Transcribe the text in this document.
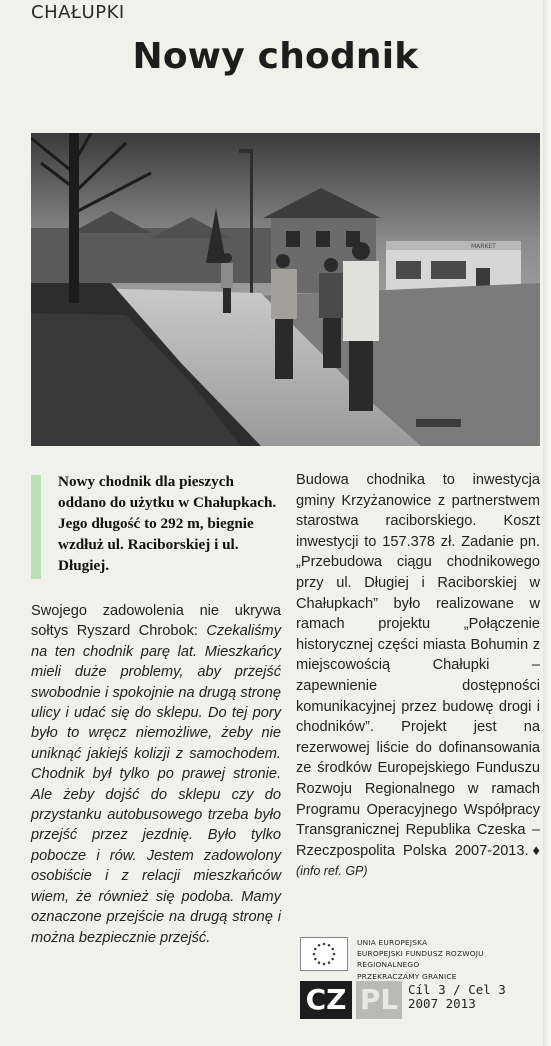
CHAŁUPKI
Nowy chodnik
MARKET
Nowy chodnik dla pieszych oddano do użytku w Chałupkach. Jego długość to 292 m, biegnie wzdłuż ul. Raciborskiej i ul. Długiej.
Swojego zadowolenia nie ukrywa sołtys Ryszard Chrobok: Czekaliśmy na ten chodnik parę lat. Mieszkańcy mieli duże problemy, aby przejść swobodnie i spokojnie na drugą stronę ulicy i udać się do sklepu. Do tej pory było to wręcz niemożliwe, żeby nie uniknąć jakiejś kolizji z samochodem. Chodnik był tylko po prawej stronie. Ale żeby dojść do sklepu czy do przystanku autobusowego trzeba było przejść przez jezdnię. Było tylko pobocze i rów. Jestem zadowolony osobiście i z relacji mieszkańców wiem, że również się podoba. Mamy oznaczone przejście na drugą stronę i można bezpiecznie przejść.
Budowa chodnika to inwestycja gminy Krzyżanowice z partnerstwem starostwa raciborskiego. Koszt inwestycji to 157.378 zł. Zadanie pn. „Przebudowa ciągu chodnikowego przy ul. Długiej i Raciborskiej w Chałupkach” było realizowane w ramach projektu „Połączenie historycznej części miasta Bohumin z miejscowością Chałupki – zapewnienie dostępności komunikacyjnej przez budowę drogi i chodników”. Projekt jest na rezerwowej liście do dofinansowania ze środków Europejskiego Funduszu Rozwoju Regionalnego w ramach Programu Operacyjnego Współpracy Transgranicznej Republika Czeska – Rzeczpospolita Polska 2007-2013.♦ (info ref. GP)
UNIA EUROPEJSKA
EUROPEJSKI FUNDUSZ ROZWOJU REGIONALNEGO
PRZEKRACZAMY GRANICE
CZ PL Cíl 3 / Cel 3
2007 2013
